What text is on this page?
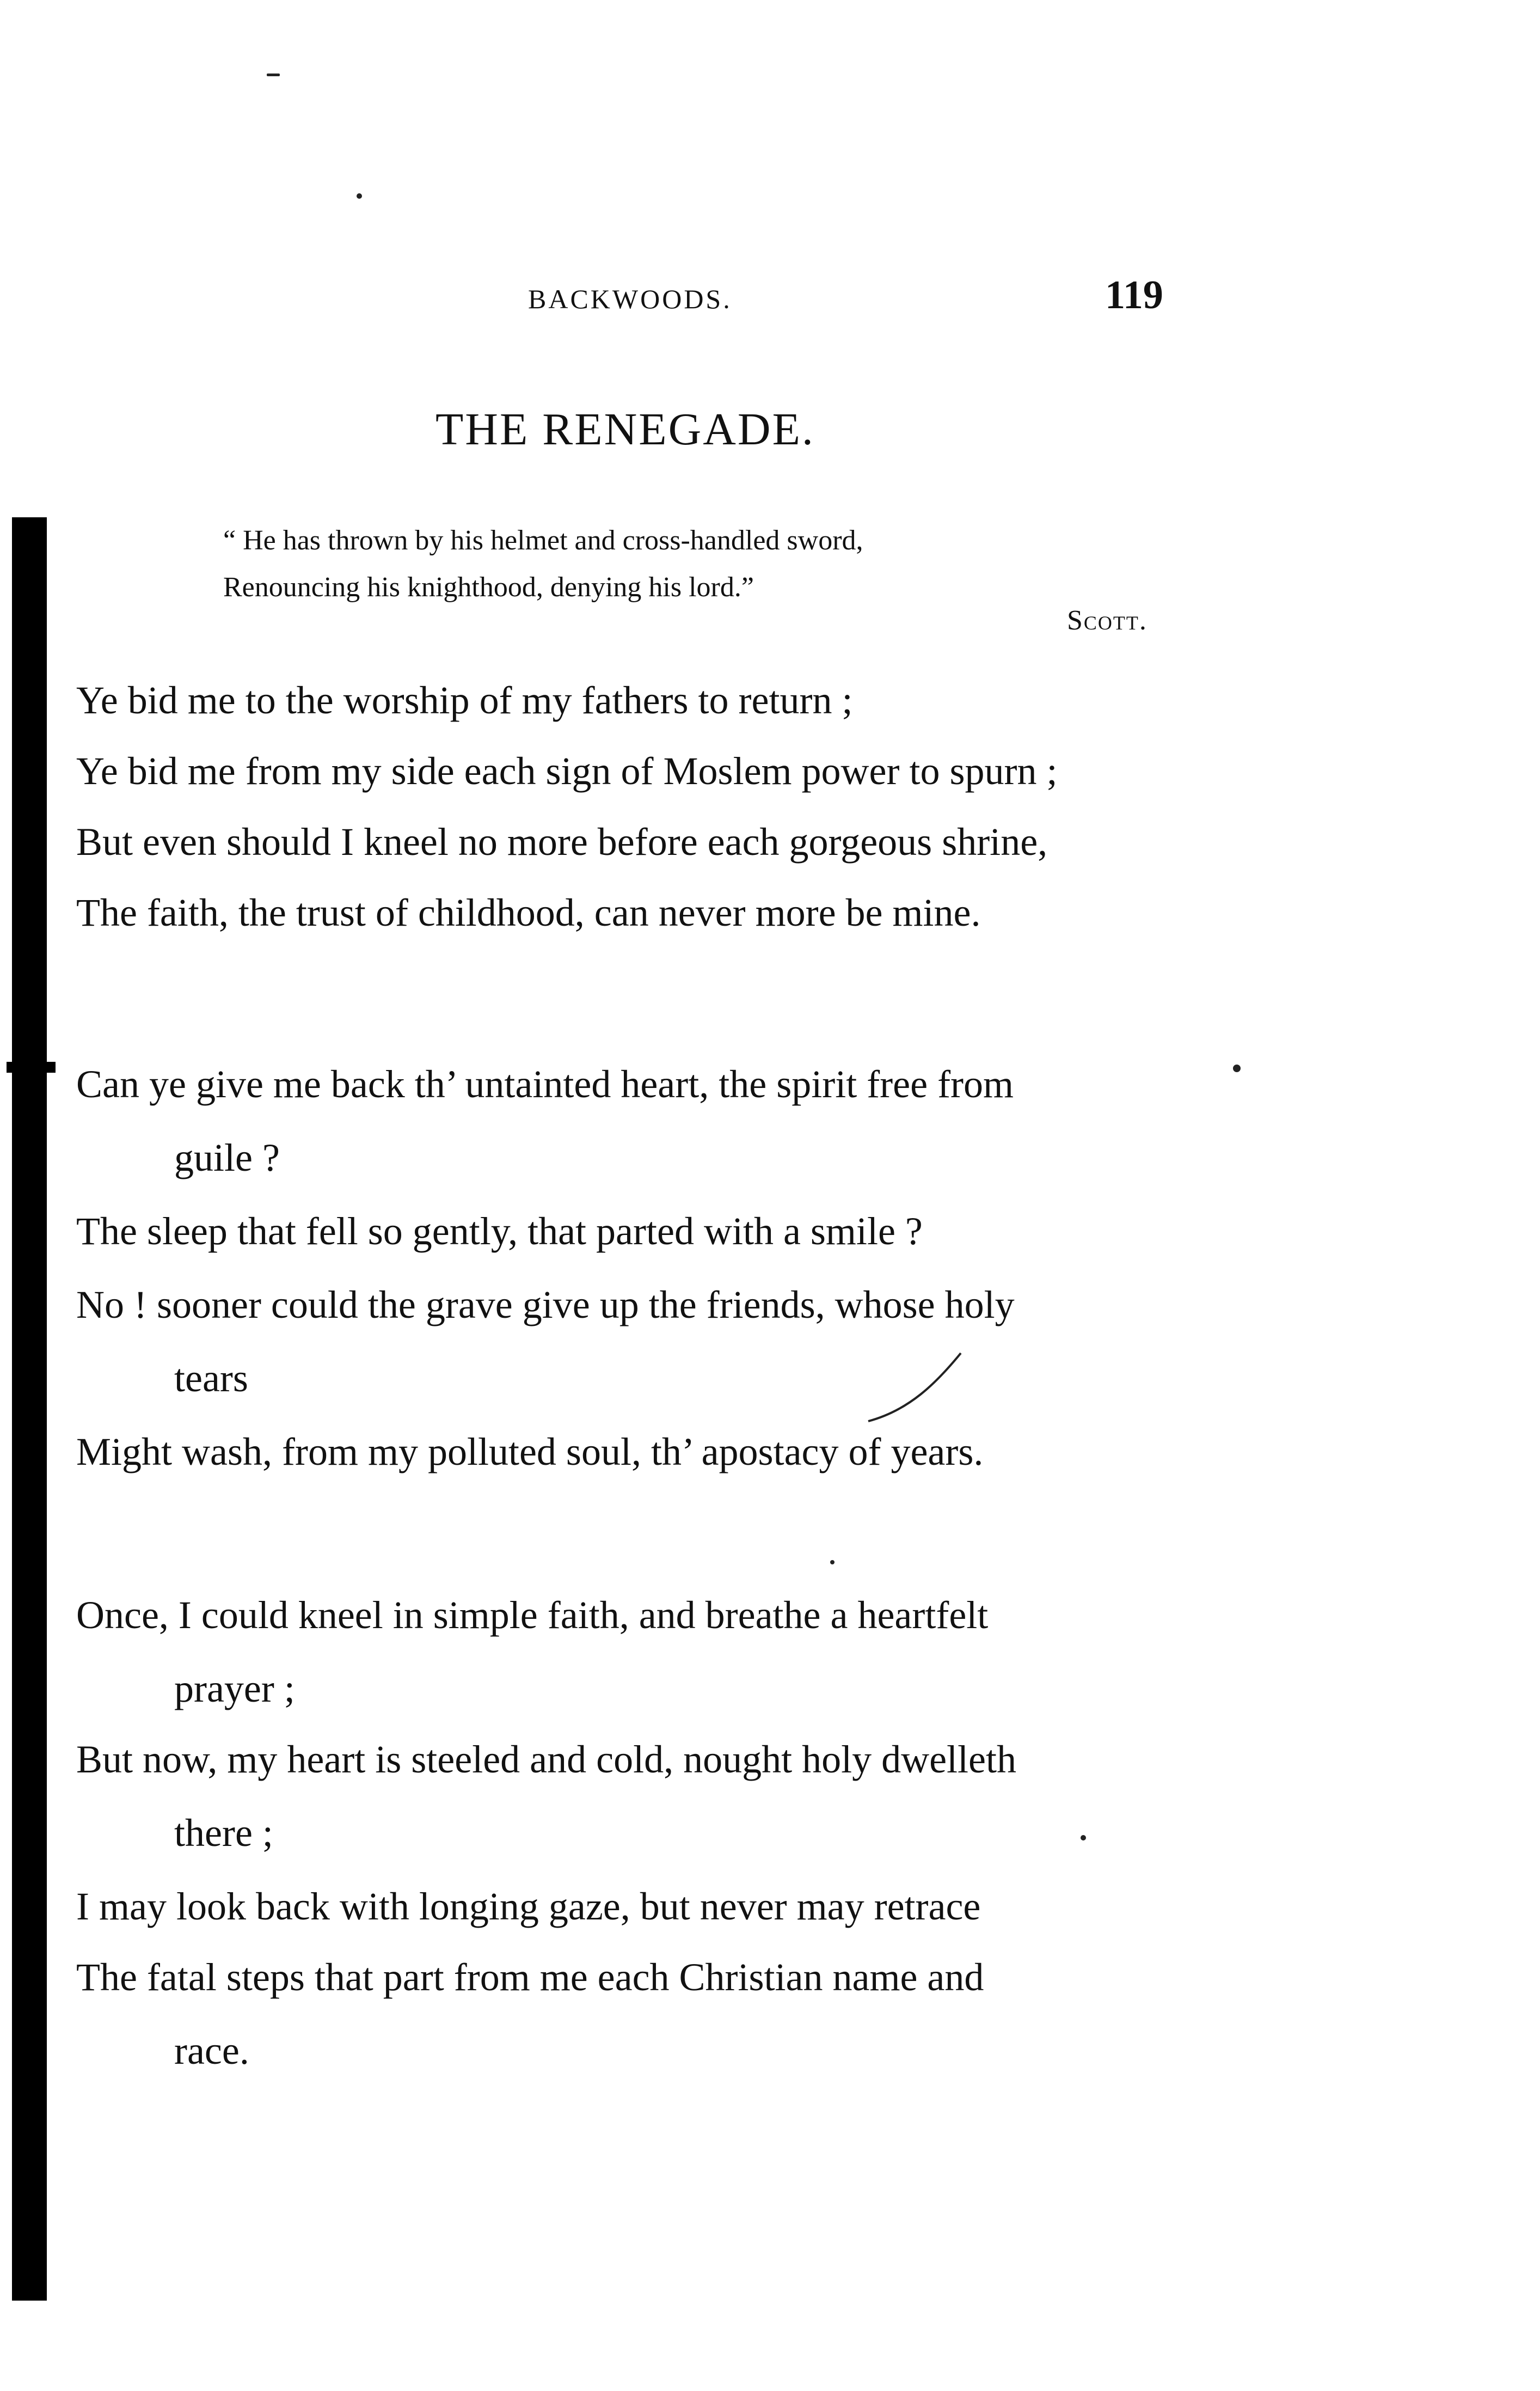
BACKWOODS.	119
THE RENEGADE.
“ He has thrown by his helmet and cross-handled sword,
Renouncing his knighthood, denying his lord.”
Scott.
Ye bid me to the worship of my fathers to return ;
Ye bid me from my side each sign of Moslem power to spurn ;
But even should I kneel no more before each gorgeous shrine,
The faith, the trust of childhood, can never more be mine.
Can ye give me back th’ untainted heart, the spirit free from
guile ?
The sleep that fell so gently, that parted with a smile ?
No ! sooner could the grave give up the friends, whose holy
tears
Might wash, from my polluted soul, th’ apostacy of years.
Once, I could kneel in simple faith, and breathe a heartfelt
prayer ;
But now, my heart is steeled and cold, nought holy dwelleth
there ;
I may look back with longing gaze, but never may retrace
The fatal steps that part from me each Christian name and
race.
